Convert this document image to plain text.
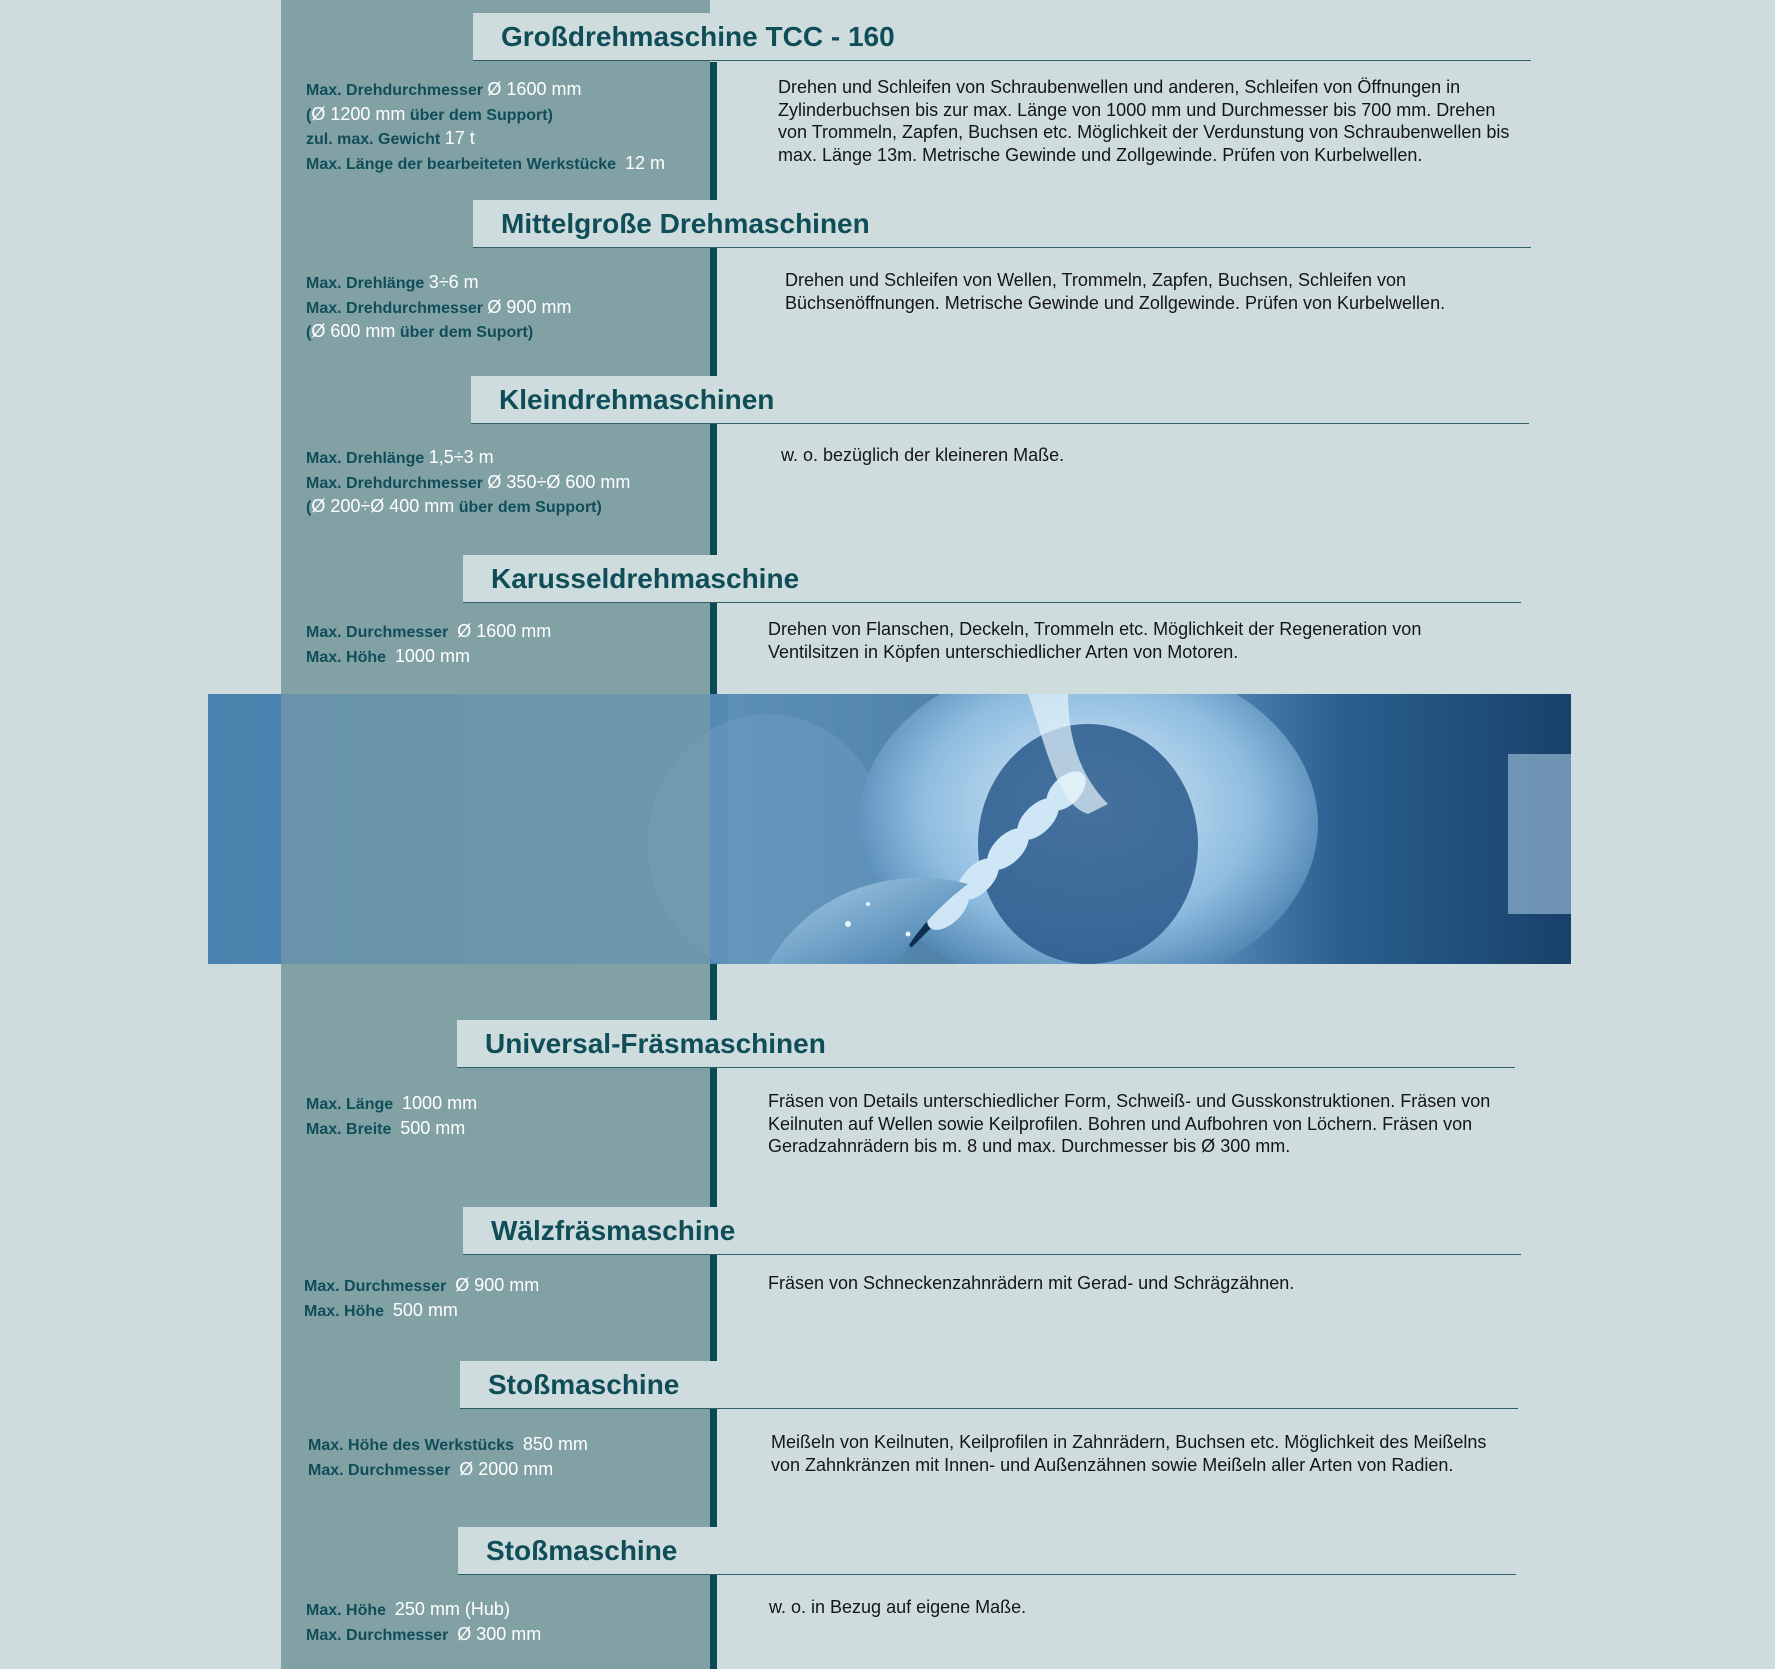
Großdrehmaschine TCC - 160
Max. Drehdurchmesser Ø 1600 mm
(Ø 1200 mm über dem Support)
zul. max. Gewicht 17 t
Max. Länge der bearbeiteten Werkstücke 12 m
Drehen und Schleifen von Schraubenwellen und anderen, Schleifen von Öffnungen in Zylinderbuchsen bis zur max. Länge von 1000 mm und Durchmesser bis 700 mm. Drehen von Trommeln, Zapfen, Buchsen etc. Möglichkeit der Verdunstung von Schraubenwellen bis max. Länge 13m. Metrische Gewinde und Zollgewinde. Prüfen von Kurbelwellen.
Mittelgroße Drehmaschinen
Max. Drehlänge 3÷6 m
Max. Drehdurchmesser Ø 900 mm
(Ø 600 mm über dem Suport)
Drehen und Schleifen von Wellen, Trommeln, Zapfen, Buchsen, Schleifen von Büchsenöffnungen. Metrische Gewinde und Zollgewinde. Prüfen von Kurbelwellen.
Kleindrehmaschinen
Max. Drehlänge 1,5÷3 m
Max. Drehdurchmesser Ø 350÷Ø 600 mm
(Ø 200÷Ø 400 mm über dem Support)
w. o. bezüglich der kleineren Maße.
Karusseldrehmaschine
Max. Durchmesser Ø 1600 mm
Max. Höhe 1000 mm
Drehen von Flanschen, Deckeln, Trommeln etc. Möglichkeit der Regeneration von Ventilsitzen in Köpfen unterschiedlicher Arten von Motoren.
Universal-Fräsmaschinen
Max. Länge 1000 mm
Max. Breite 500 mm
Fräsen von Details unterschiedlicher Form, Schweiß- und Gusskonstruktionen. Fräsen von Keilnuten auf Wellen sowie Keilprofilen. Bohren und Aufbohren von Löchern. Fräsen von Geradzahnrädern bis m. 8 und max. Durchmesser bis Ø 300 mm.
Wälzfräsmaschine
Max. Durchmesser Ø 900 mm
Max. Höhe 500 mm
Fräsen von Schneckenzahnrädern mit Gerad- und Schrägzähnen.
Stoßmaschine
Max. Höhe des Werkstücks 850 mm
Max. Durchmesser Ø 2000 mm
Meißeln von Keilnuten, Keilprofilen in Zahnrädern, Buchsen etc. Möglichkeit des Meißelns von Zahnkränzen mit Innen- und Außenzähnen sowie Meißeln aller Arten von Radien.
Stoßmaschine
Max. Höhe 250 mm (Hub)
Max. Durchmesser Ø 300 mm
w. o. in Bezug auf eigene Maße.
